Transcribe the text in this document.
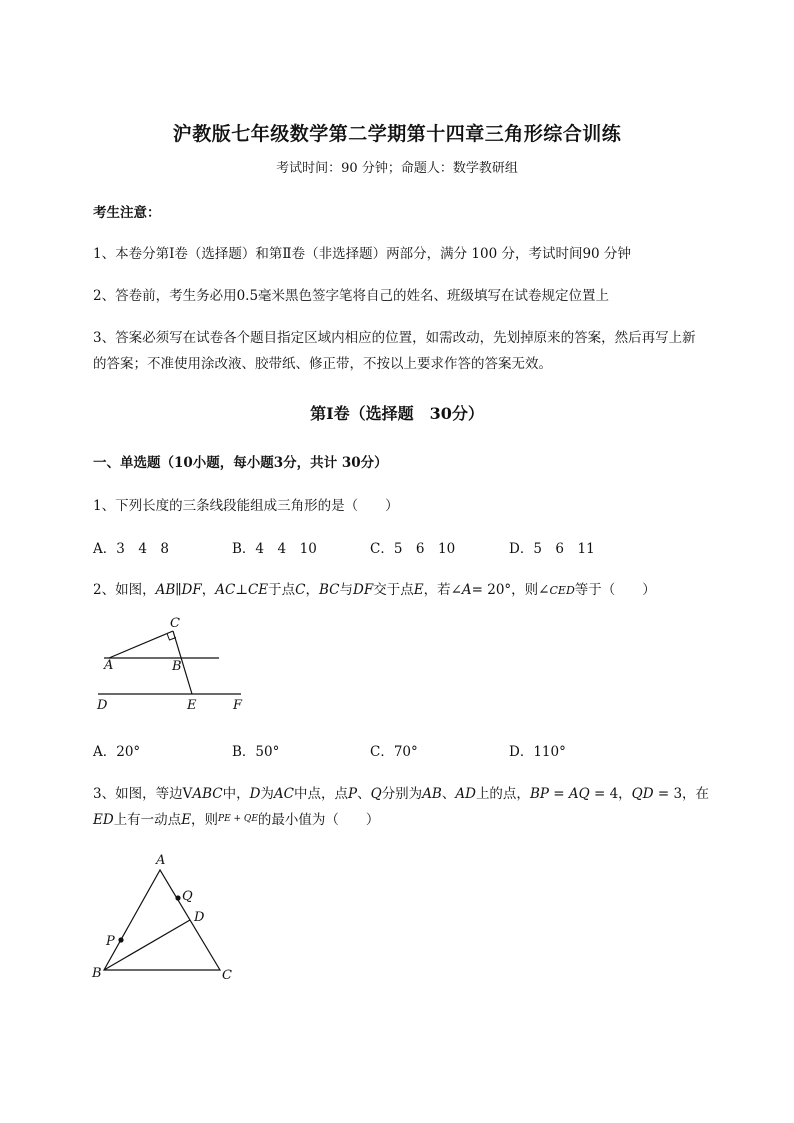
沪教版七年级数学第二学期第十四章三角形综合训练
考试时间：90 分钟；命题人：数学教研组
考生注意：
1、本卷分第Ⅰ卷（选择题）和第Ⅱ卷（非选择题）两部分，满分 100 分，考试时间90 分钟
2、答卷前，考生务必用0.5毫米黑色签字笔将自己的姓名、班级填写在试卷规定位置上
3、答案必须写在试卷各个题目指定区域内相应的位置，如需改动，先划掉原来的答案，然后再写上新
的答案；不准使用涂改液、胶带纸、修正带，不按以上要求作答的答案无效。
第Ⅰ卷（选择题　30分）
一、单选题（10小题，每小题3分，共计 30分）
1、下列长度的三条线段能组成三角形的是（　　）
A．3　4　8	B．4　4　10	C．5　6　10	D．5　6　11
2、如图，AB∥DF，AC⊥CE于点C，BC与DF交于点E，若∠A= 20°，则∠CED等于（　　）
C
A	B
D	E	F
A．20°	B．50°	C．70°	D．110°
3、如图，等边VABC中，D为AC中点，点P、Q分别为AB、AD上的点，BP = AQ = 4，QD = 3，在
ED上有一动点E，则$^{PE + QE}$的最小值为（　　）
A
Q
D
P
B	C
